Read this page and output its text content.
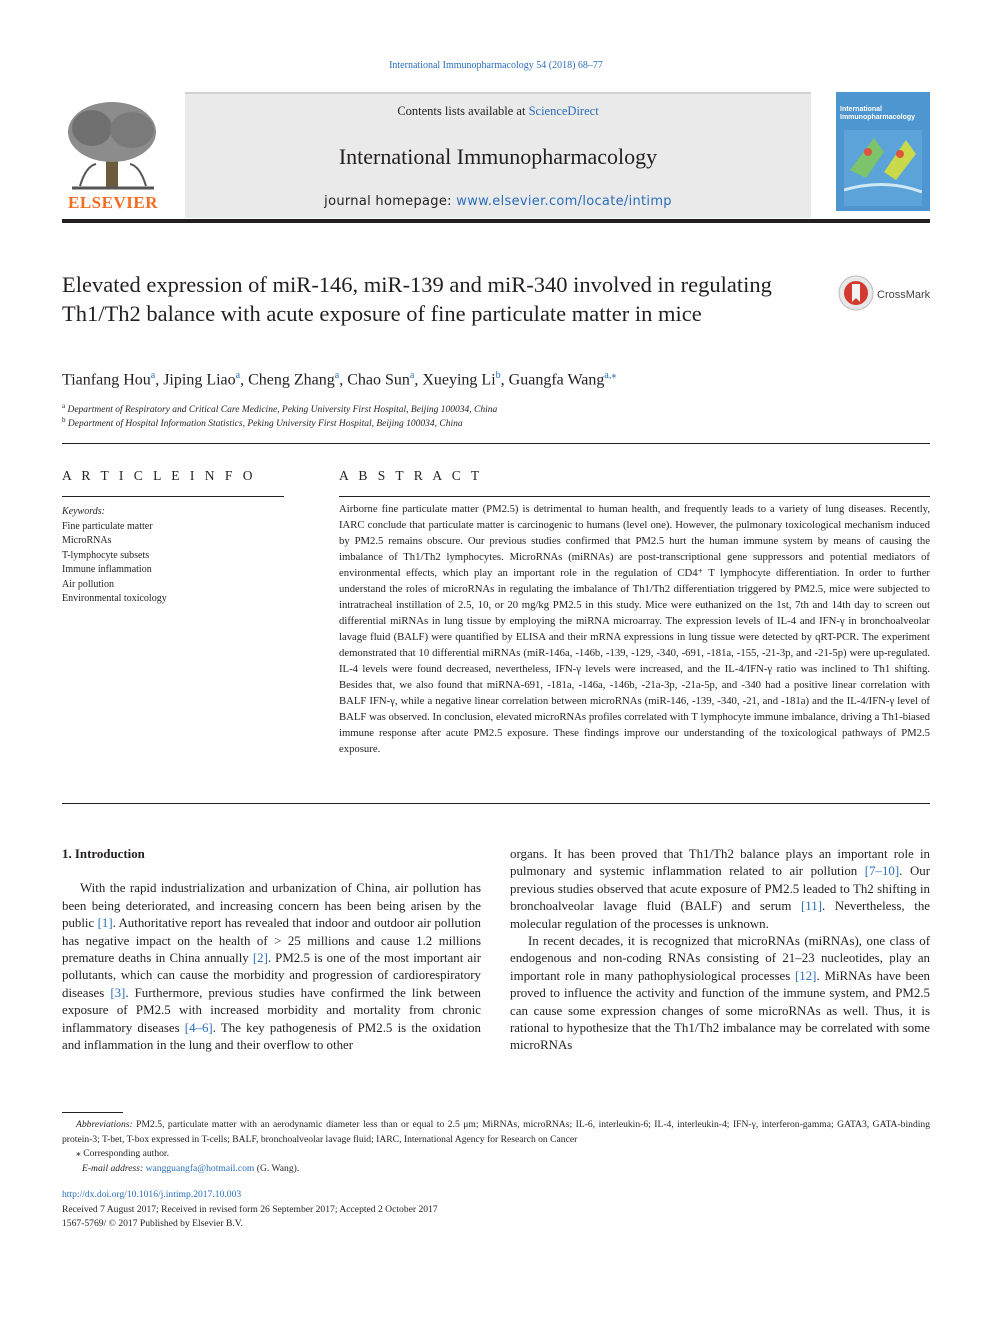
International Immunopharmacology 54 (2018) 68–77
ELSEVIER
Contents lists available at ScienceDirect
International Immunopharmacology
journal homepage: www.elsevier.com/locate/intimp
International Immunopharmacology
Elevated expression of miR-146, miR-139 and miR-340 involved in regulating Th1/Th2 balance with acute exposure of fine particulate matter in mice
CrossMark
Tianfang Hou$^a$, Jiping Liao$^a$, Cheng Zhang$^a$, Chao Sun$^a$, Xueying Li$^b$, Guangfa Wang$^{a,⁎}$
$^a$ Department of Respiratory and Critical Care Medicine, Peking University First Hospital, Beijing 100034, China
$^b$ Department of Hospital Information Statistics, Peking University First Hospital, Beijing 100034, China
A R T I C L E I N F O
Keywords:
Fine particulate matter
MicroRNAs
T-lymphocyte subsets
Immune inflammation
Air pollution
Environmental toxicology
A B S T R A C T
Airborne fine particulate matter (PM2.5) is detrimental to human health, and frequently leads to a variety of lung diseases. Recently, IARC conclude that particulate matter is carcinogenic to humans (level one). However, the pulmonary toxicological mechanism induced by PM2.5 remains obscure. Our previous studies confirmed that PM2.5 hurt the human immune system by means of causing the imbalance of Th1/Th2 lymphocytes. MicroRNAs (miRNAs) are post-transcriptional gene suppressors and potential mediators of environmental effects, which play an important role in the regulation of CD4⁺ T lymphocyte differentiation. In order to further understand the roles of microRNAs in regulating the imbalance of Th1/Th2 differentiation triggered by PM2.5, mice were subjected to intratracheal instillation of 2.5, 10, or 20 mg/kg PM2.5 in this study. Mice were euthanized on the 1st, 7th and 14th day to screen out differential miRNAs in lung tissue by employing the miRNA microarray. The expression levels of IL-4 and IFN-γ in bronchoalveolar lavage fluid (BALF) were quantified by ELISA and their mRNA expressions in lung tissue were detected by qRT-PCR. The experiment demonstrated that 10 differential miRNAs (miR-146a, -146b, -139, -129, -340, -691, -181a, -155, -21-3p, and -21-5p) were up-regulated. IL-4 levels were found decreased, nevertheless, IFN-γ levels were increased, and the IL-4/IFN-γ ratio was inclined to Th1 shifting. Besides that, we also found that miRNA-691, -181a, -146a, -146b, -21a-3p, -21a-5p, and -340 had a positive linear correlation with BALF IFN-γ, while a negative linear correlation between microRNAs (miR-146, -139, -340, -21, and -181a) and the IL-4/IFN-γ level of BALF was observed. In conclusion, elevated microRNAs profiles correlated with T lymphocyte immune imbalance, driving a Th1-biased immune response after acute PM2.5 exposure. These findings improve our understanding of the toxicological pathways of PM2.5 exposure.

1. Introduction

With the rapid industrialization and urbanization of China, air pollution has been being deteriorated, and increasing concern has been being arisen by the public [1]. Authoritative report has revealed that indoor and outdoor air pollution has negative impact on the health of > 25 millions and cause 1.2 millions premature deaths in China annually [2]. PM2.5 is one of the most important air pollutants, which can cause the morbidity and progression of cardiorespiratory diseases [3]. Furthermore, previous studies have confirmed the link between exposure of PM2.5 with increased morbidity and mortality from chronic inflammatory diseases [4–6]. The key pathogenesis of PM2.5 is the oxidation and inflammation in the lung and their overflow to other

organs. It has been proved that Th1/Th2 balance plays an important role in pulmonary and systemic inflammation related to air pollution [7–10]. Our previous studies observed that acute exposure of PM2.5 leaded to Th2 shifting in bronchoalveolar lavage fluid (BALF) and serum [11]. Nevertheless, the molecular regulation of the processes is unknown.

In recent decades, it is recognized that microRNAs (miRNAs), one class of endogenous and non-coding RNAs consisting of 21–23 nucleotides, play an important role in many pathophysiological processes [12]. MiRNAs have been proved to influence the activity and function of the immune system, and PM2.5 can cause some expression changes of some microRNAs as well. Thus, it is rational to hypothesize that the Th1/Th2 imbalance may be correlated with some microRNAs

Abbreviations: PM2.5, particulate matter with an aerodynamic diameter less than or equal to 2.5 μm; MiRNAs, microRNAs; IL-6, interleukin-6; IL-4, interleukin-4; IFN-γ, interferon-gamma; GATA3, GATA-binding protein-3; T-bet, T-box expressed in T-cells; BALF, bronchoalveolar lavage fluid; IARC, International Agency for Research on Cancer

⁎ Corresponding author.

E-mail address: wangguangfa@hotmail.com (G. Wang).

http://dx.doi.org/10.1016/j.intimp.2017.10.003

Received 7 August 2017; Received in revised form 26 September 2017; Accepted 2 October 2017

1567-5769/ © 2017 Published by Elsevier B.V.
